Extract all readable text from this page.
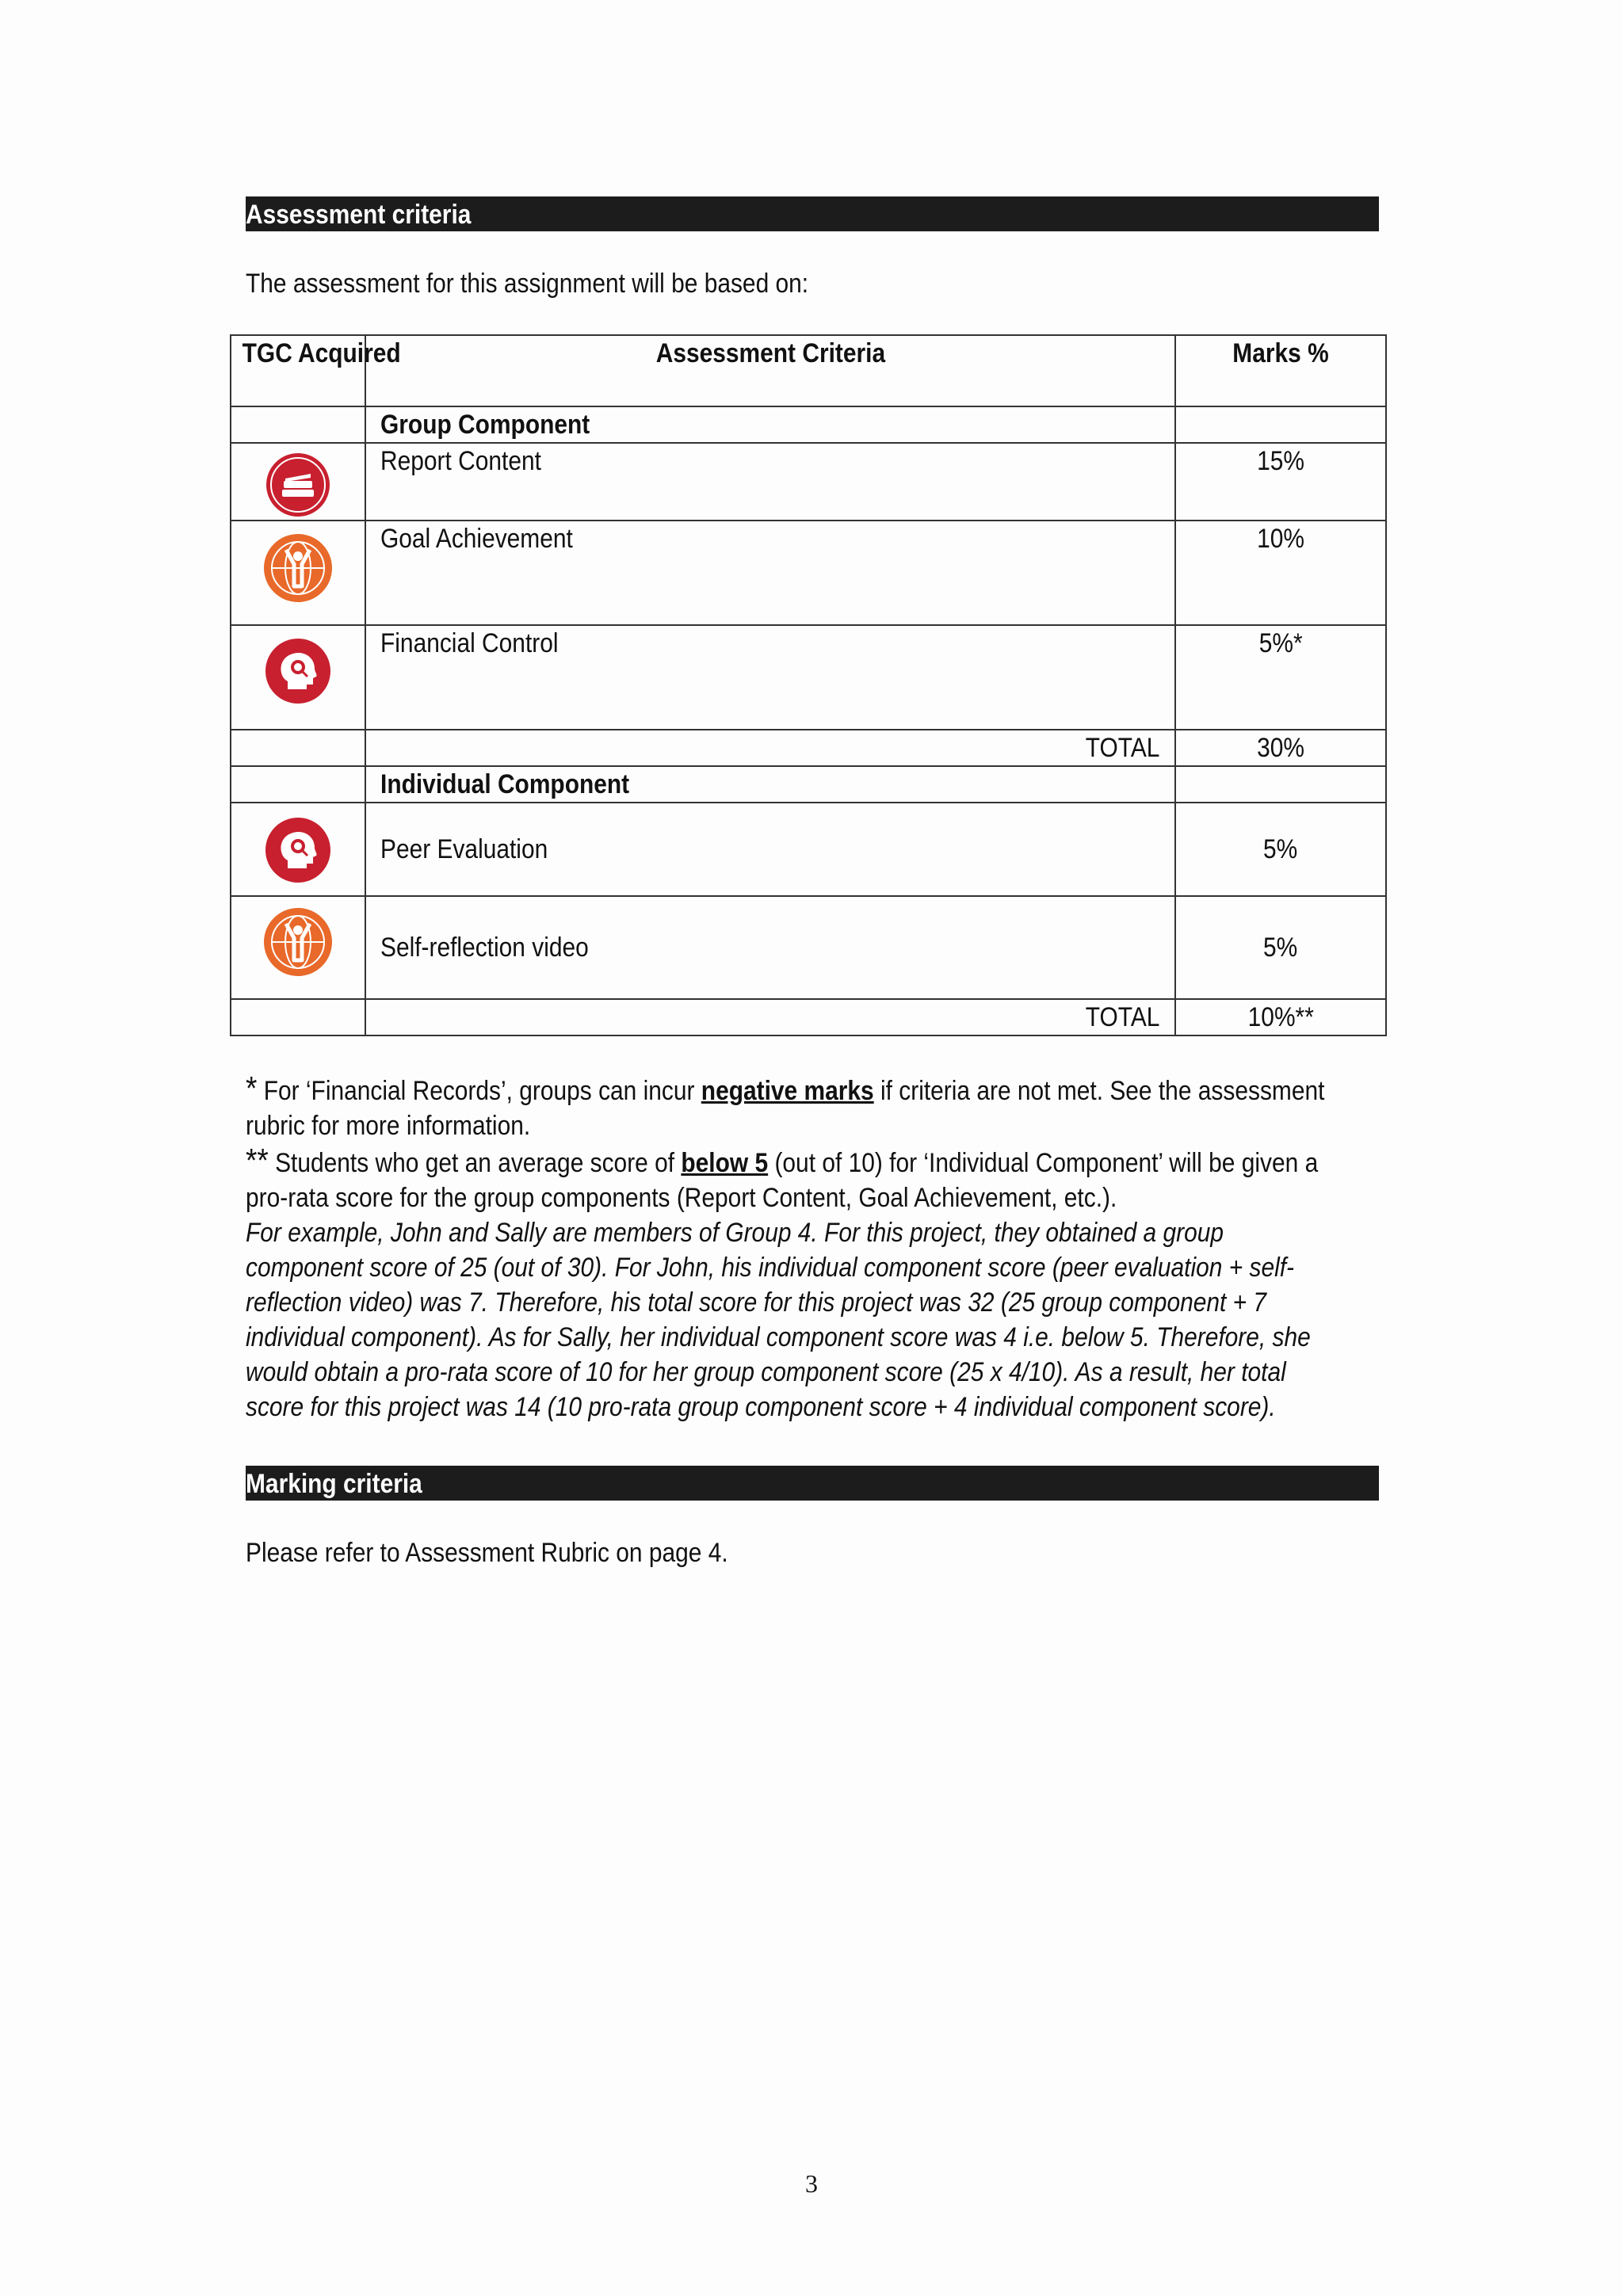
Assessment criteria
The assessment for this assignment will be based on:
TGC Acquired	Assessment Criteria	Marks %
	Group Component	

	Report Content	15%

	Goal Achievement	10%

	Financial Control	5%*
	TOTAL	30%
	Individual Component	

	Peer Evaluation	5%

	Self-reflection video	5%
	TOTAL	10%**

* For ‘Financial Records’, groups can incur negative marks if criteria are not met. See the assessment

rubric for more information.

** Students who get an average score of below 5 (out of 10) for ‘Individual Component’ will be given a

pro-rata score for the group components (Report Content, Goal Achievement, etc.).

For example, John and Sally are members of Group 4. For this project, they obtained a group

component score of 25 (out of 30). For John, his individual component score (peer evaluation + self-

reflection video) was 7. Therefore, his total score for this project was 32 (25 group component + 7

individual component). As for Sally, her individual component score was 4 i.e. below 5. Therefore, she

would obtain a pro-rata score of 10 for her group component score (25 x 4/10). As a result, her total

score for this project was 14 (10 pro-rata group component score + 4 individual component score).

Marking criteria
Please refer to Assessment Rubric on page 4.
3
